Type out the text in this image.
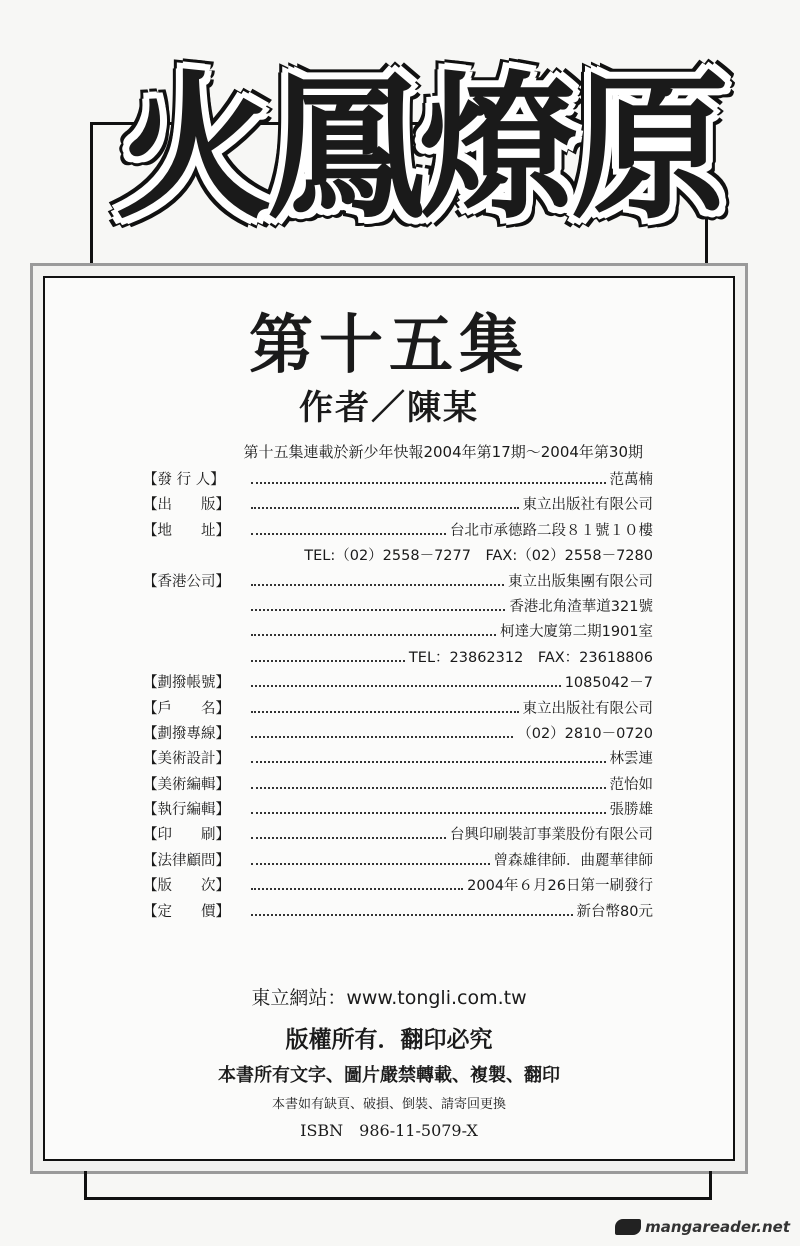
火鳳燎原
第十五集
作者／陳某
第十五集連載於新少年快報2004年第17期～2004年第30期
【發 行 人】	范萬楠
【出　　版】	東立出版社有限公司
【地　　址】	台北市承德路二段８１號１０樓
TEL:（02）2558－7277　FAX:（02）2558－7280
【香港公司】	東立出版集團有限公司
香港北角渣華道321號
柯達大廈第二期1901室
TEL：23862312　FAX：23618806
【劃撥帳號】	1085042－7
【戶　　名】	東立出版社有限公司
【劃撥專線】	（02）2810－0720
【美術設計】	林雲連
【美術編輯】	范怡如
【執行編輯】	張勝雄
【印　　刷】	台興印刷裝訂事業股份有限公司
【法律顧問】	曾森雄律師．曲麗華律師
【版　　次】	2004年６月26日第一刷發行
【定　　價】	新台幣80元
東立網站：www.tongli.com.tw
版權所有．翻印必究
本書所有文字、圖片嚴禁轉載、複製、翻印
本書如有缺頁、破損、倒裝、請寄回更換
ISBN　986-11-5079-X
mangareader.net
